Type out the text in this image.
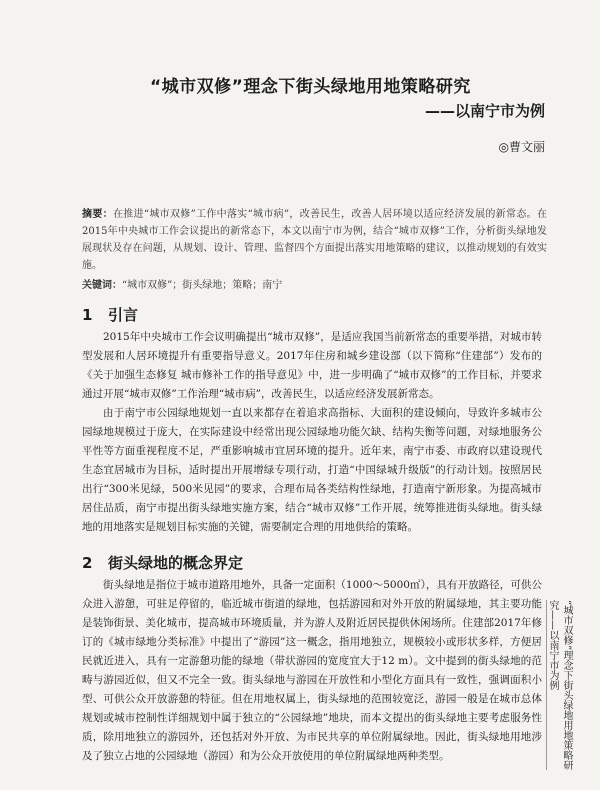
“城市双修”理念下街头绿地用地策略研究
——以南宁市为例
◎曹文丽
摘要：在推进“城市双修”工作中落实“城市病”，改善民生，改善人居环境以适应经济发展的新常态。在2015年中央城市工作会议提出的新常态下，本文以南宁市为例，结合“城市双修”工作，分析街头绿地发展现状及存在问题，从规划、设计、管理、监督四个方面提出落实用地策略的建议，以推动规划的有效实施。
关键词：“城市双修”；街头绿地；策略；南宁
1 引言
2015年中央城市工作会议明确提出“城市双修”，是适应我国当前新常态的重要举措，对城市转型发展和人居环境提升有重要指导意义。2017年住房和城乡建设部（以下简称“住建部”）发布的《关于加强生态修复 城市修补工作的指导意见》中，进一步明确了“城市双修”的工作目标，并要求通过开展“城市双修”工作治理“城市病”，改善民生，以适应经济发展新常态。
由于南宁市公园绿地规划一直以来都存在着追求高指标、大面积的建设倾向，导致许多城市公园绿地规模过于庞大，在实际建设中经常出现公园绿地功能欠缺、结构失衡等问题，对绿地服务公平性等方面重视程度不足，严重影响城市宜居环境的提升。近年来，南宁市委、市政府以建设现代生态宜居城市为目标，适时提出开展增绿专项行动，打造“中国绿城升级版”的行动计划。按照居民出行“300米见绿，500米见园”的要求，合理布局各类结构性绿地，打造南宁新形象。为提高城市居住品质，南宁市提出街头绿地实施方案，结合“城市双修”工作开展，统筹推进街头绿地。街头绿地的用地落实是规划目标实施的关键，需要制定合理的用地供给的策略。
2 街头绿地的概念界定
街头绿地是指位于城市道路用地外，具备一定面积（1000～5000㎡），具有开放路径，可供公众进入游憩，可驻足停留的，临近城市街道的绿地，包括游园和对外开放的附属绿地，其主要功能是装饰街景、美化城市，提高城市环境质量，并为游人及附近居民提供休闲场所。住建部2017年修订的《城市绿地分类标准》中提出了“游园”这一概念，指用地独立，规模较小或形状多样，方便居民就近进入，具有一定游憩功能的绿地（带状游园的宽度宜大于12 m）。文中提到的街头绿地的范畴与游园近似，但又不完全一致。街头绿地与游园在开放性和小型化方面具有一致性，强调面积小型、可供公众开放游憩的特征。但在用地权属上，街头绿地的范围较宽泛，游园一般是在城市总体规划或城市控制性详细规划中属于独立的“公园绿地”地块，而本文提出的街头绿地主要考虑服务性质，除用地独立的游园外，还包括对外开放、为市民共享的单位附属绿地。因此，街头绿地用地涉及了独立占地的公园绿地（游园）和为公众开放使用的单位附属绿地两种类型。	“城市双修”理念下街头绿地用地策略研究——以南宁市为例
